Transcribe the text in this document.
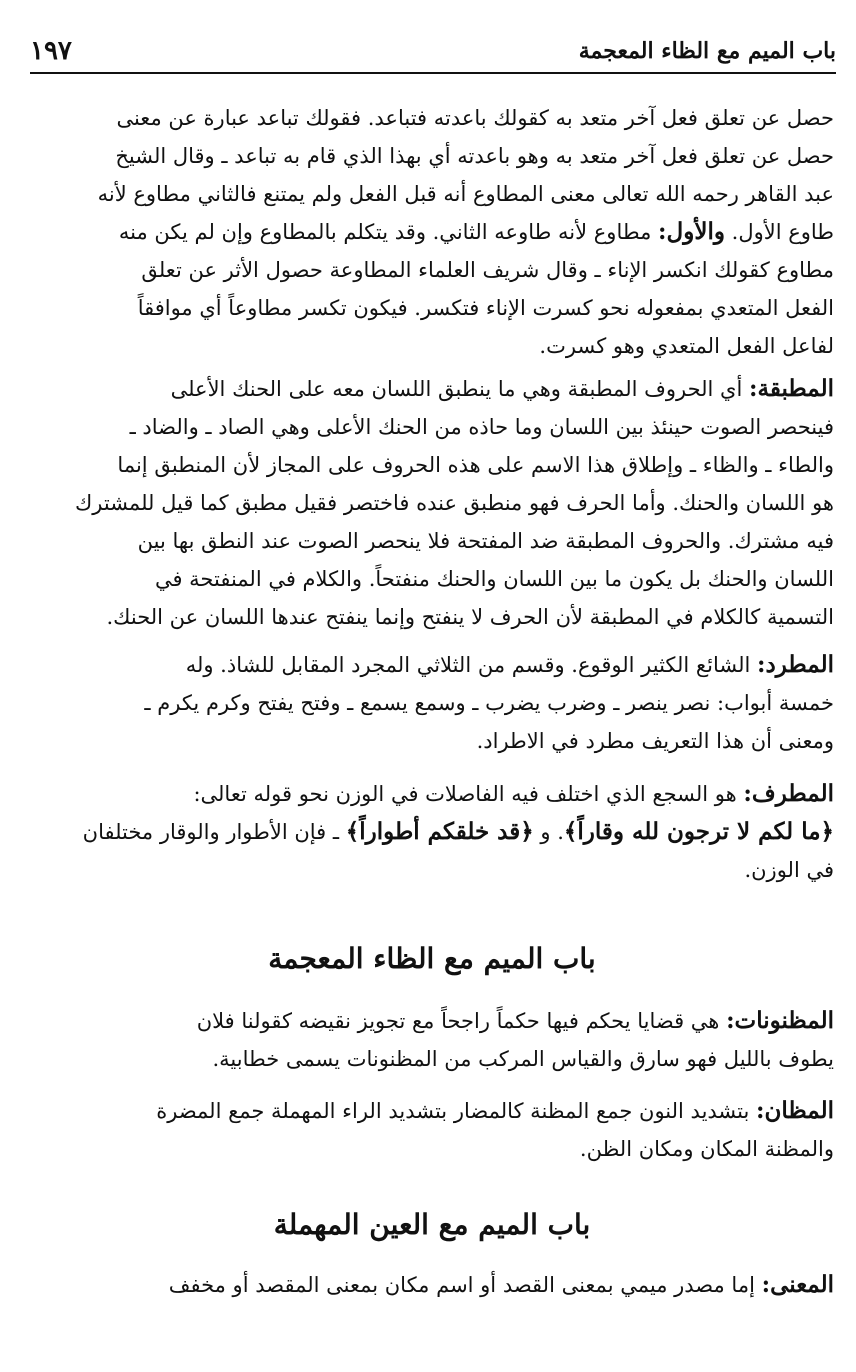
باب الميم مع الظاء المعجمة
١٩٧
حصل عن تعلق فعل آخر متعد به كقولك باعدته فتباعد. فقولك تباعد عبارة عن معنى
حصل عن تعلق فعل آخر متعد به وهو باعدته أي بهذا الذي قام به تباعد ـ وقال الشيخ
عبد القاهر رحمه الله تعالى معنى المطاوع أنه قبل الفعل ولم يمتنع فالثاني مطاوع لأنه
طاوع الأول. والأول: مطاوع لأنه طاوعه الثاني. وقد يتكلم بالمطاوع وإن لم يكن منه
مطاوع كقولك انكسر الإناء ـ وقال شريف العلماء المطاوعة حصول الأثر عن تعلق
الفعل المتعدي بمفعوله نحو كسرت الإناء فتكسر. فيكون تكسر مطاوعاً أي موافقاً
لفاعل الفعل المتعدي وهو كسرت.
المطبقة: أي الحروف المطبقة وهي ما ينطبق اللسان معه على الحنك الأعلى
فينحصر الصوت حينئذ بين اللسان وما حاذه من الحنك الأعلى وهي الصاد ـ والضاد ـ
والطاء ـ والظاء ـ وإطلاق هذا الاسم على هذه الحروف على المجاز لأن المنطبق إنما
هو اللسان والحنك. وأما الحرف فهو منطبق عنده فاختصر فقيل مطبق كما قيل للمشترك
فيه مشترك. والحروف المطبقة ضد المفتحة فلا ينحصر الصوت عند النطق بها بين
اللسان والحنك بل يكون ما بين اللسان والحنك منفتحاً. والكلام في المنفتحة في
التسمية كالكلام في المطبقة لأن الحرف لا ينفتح وإنما ينفتح عندها اللسان عن الحنك.
المطرد: الشائع الكثير الوقوع. وقسم من الثلاثي المجرد المقابل للشاذ. وله
خمسة أبواب: نصر ينصر ـ وضرب يضرب ـ وسمع يسمع ـ وفتح يفتح وكرم يكرم ـ
ومعنى أن هذا التعريف مطرد في الاطراد.
المطرف: هو السجع الذي اختلف فيه الفاصلات في الوزن نحو قوله تعالى:
﴿ما لكم لا ترجون لله وقاراً﴾. و ﴿قد خلقكم أطواراً﴾ ـ فإن الأطوار والوقار مختلفان
في الوزن.
باب الميم مع الظاء المعجمة
المظنونات: هي قضايا يحكم فيها حكماً راجحاً مع تجويز نقيضه كقولنا فلان
يطوف بالليل فهو سارق والقياس المركب من المظنونات يسمى خطابية.
المظان: بتشديد النون جمع المظنة كالمضار بتشديد الراء المهملة جمع المضرة
والمظنة المكان ومكان الظن.
باب الميم مع العين المهملة
المعنى: إما مصدر ميمي بمعنى القصد أو اسم مكان بمعنى المقصد أو مخفف
